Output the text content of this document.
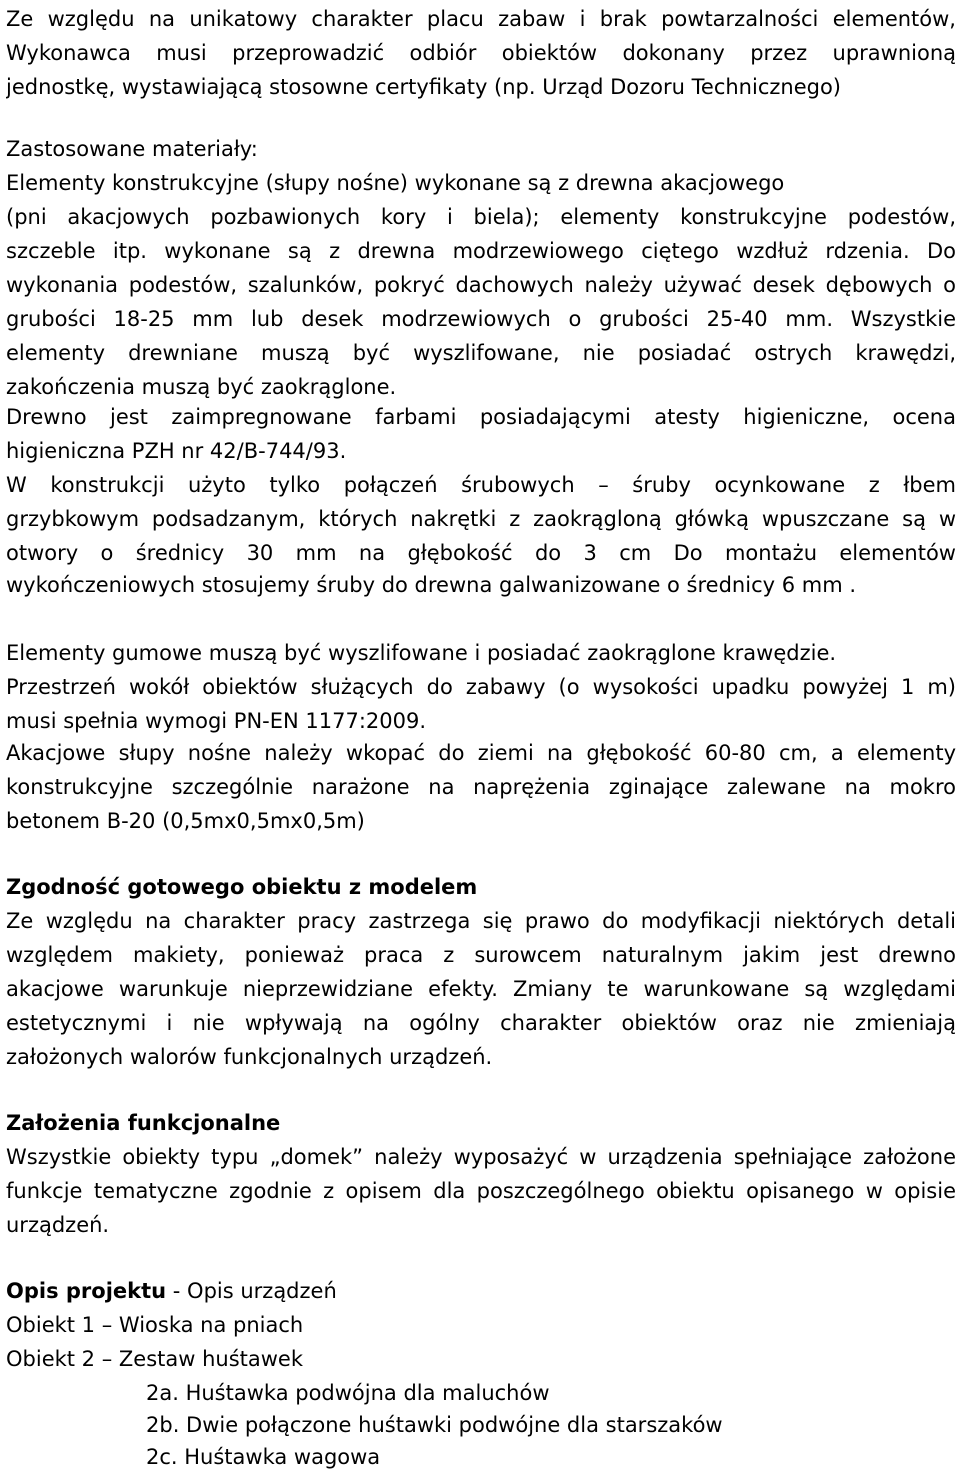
Ze względu na unikatowy charakter placu zabaw i brak powtarzalności elementów,
Wykonawca musi przeprowadzić odbiór obiektów dokonany przez uprawnioną
jednostkę, wystawiającą stosowne certyfikaty (np. Urząd Dozoru Technicznego)
Zastosowane materiały:
Elementy konstrukcyjne (słupy nośne) wykonane są z drewna akacjowego
(pni akacjowych pozbawionych kory i biela); elementy konstrukcyjne podestów,
szczeble itp. wykonane są z drewna modrzewiowego ciętego wzdłuż rdzenia. Do
wykonania podestów, szalunków, pokryć dachowych należy używać desek dębowych o
grubości 18-25 mm lub desek modrzewiowych o grubości 25-40 mm. Wszystkie
elementy drewniane muszą być wyszlifowane, nie posiadać ostrych krawędzi,
zakończenia muszą być zaokrąglone.
Drewno jest zaimpregnowane farbami posiadającymi atesty higieniczne, ocena
higieniczna PZH nr 42/B-744/93.
W konstrukcji użyto tylko połączeń śrubowych – śruby ocynkowane z łbem
grzybkowym podsadzanym, których nakrętki z zaokrągloną główką wpuszczane są w
otwory o średnicy 30 mm na głębokość do 3 cm Do montażu elementów
wykończeniowych stosujemy śruby do drewna galwanizowane o średnicy 6 mm .
Elementy gumowe muszą być wyszlifowane i posiadać zaokrąglone krawędzie.
Przestrzeń wokół obiektów służących do zabawy (o wysokości upadku powyżej 1 m)
musi spełnia wymogi PN-EN 1177:2009.
Akacjowe słupy nośne należy wkopać do ziemi na głębokość 60-80 cm, a elementy
konstrukcyjne szczególnie narażone na naprężenia zginające zalewane na mokro
betonem B-20 (0,5mx0,5mx0,5m)
Zgodność gotowego obiektu z modelem
Ze względu na charakter pracy zastrzega się prawo do modyfikacji niektórych detali
względem makiety, ponieważ praca z surowcem naturalnym jakim jest drewno
akacjowe warunkuje nieprzewidziane efekty. Zmiany te warunkowane są względami
estetycznymi i nie wpływają na ogólny charakter obiektów oraz nie zmieniają
założonych walorów funkcjonalnych urządzeń.
Założenia funkcjonalne
Wszystkie obiekty typu „domek” należy wyposażyć w urządzenia spełniające założone
funkcje tematyczne zgodnie z opisem dla poszczególnego obiektu opisanego w opisie
urządzeń.
Opis projektu - Opis urządzeń
Obiekt 1 – Wioska na pniach
Obiekt 2 – Zestaw huśtawek
2a. Huśtawka podwójna dla maluchów
2b. Dwie połączone huśtawki podwójne dla starszaków
2c. Huśtawka wagowa
